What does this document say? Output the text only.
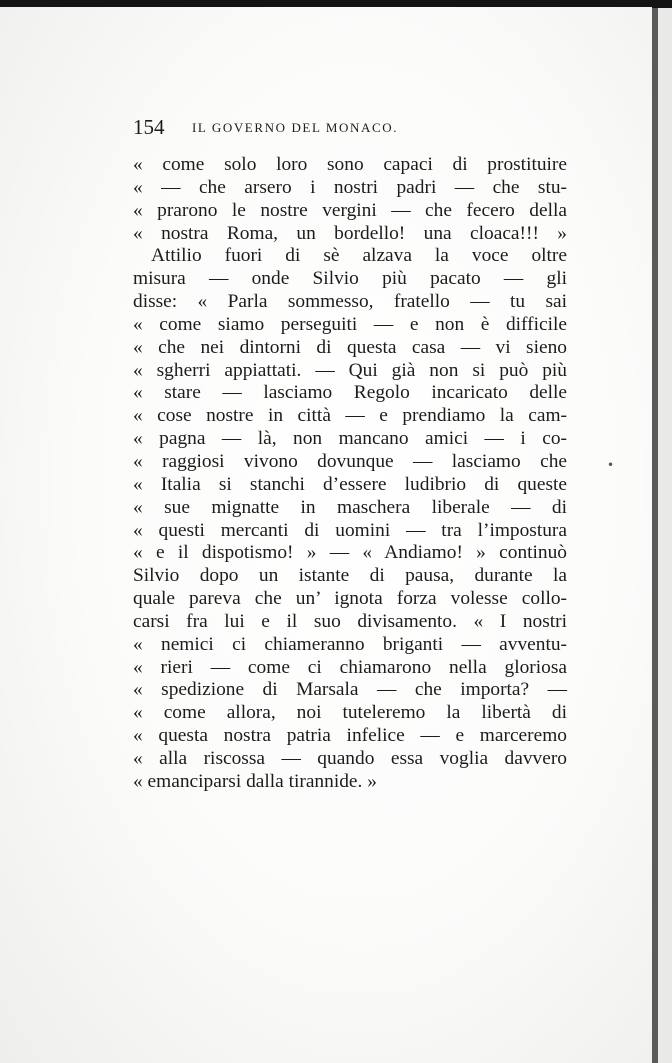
154 IL GOVERNO DEL MONACO.
« come solo loro sono capaci di prostituire
« — che arsero i nostri padri — che stu-
« prarono le nostre vergini — che fecero della
« nostra Roma, un bordello! una cloaca!!! »
Attilio fuori di sè alzava la voce oltre
misura — onde Silvio più pacato — gli
disse: « Parla sommesso, fratello — tu sai
« come siamo perseguiti — e non è difficile
« che nei dintorni di questa casa — vi sieno
« sgherri appiattati. — Qui già non si può più
« stare — lasciamo Regolo incaricato delle
« cose nostre in città — e prendiamo la cam-
« pagna — là, non mancano amici — i co-
« raggiosi vivono dovunque — lasciamo che
« Italia si stanchi d’essere ludibrio di queste
« sue mignatte in maschera liberale — di
« questi mercanti di uomini — tra l’impostura
« e il dispotismo! » — « Andiamo! » continuò
Silvio dopo un istante di pausa, durante la
quale pareva che un’ ignota forza volesse collo-
carsi fra lui e il suo divisamento. « I nostri
« nemici ci chiameranno briganti — avventu-
« rieri — come ci chiamarono nella gloriosa
« spedizione di Marsala — che importa? —
« come allora, noi tuteleremo la libertà di
« questa nostra patria infelice — e marceremo
« alla riscossa — quando essa voglia davvero
« emanciparsi dalla tirannide. »
•
